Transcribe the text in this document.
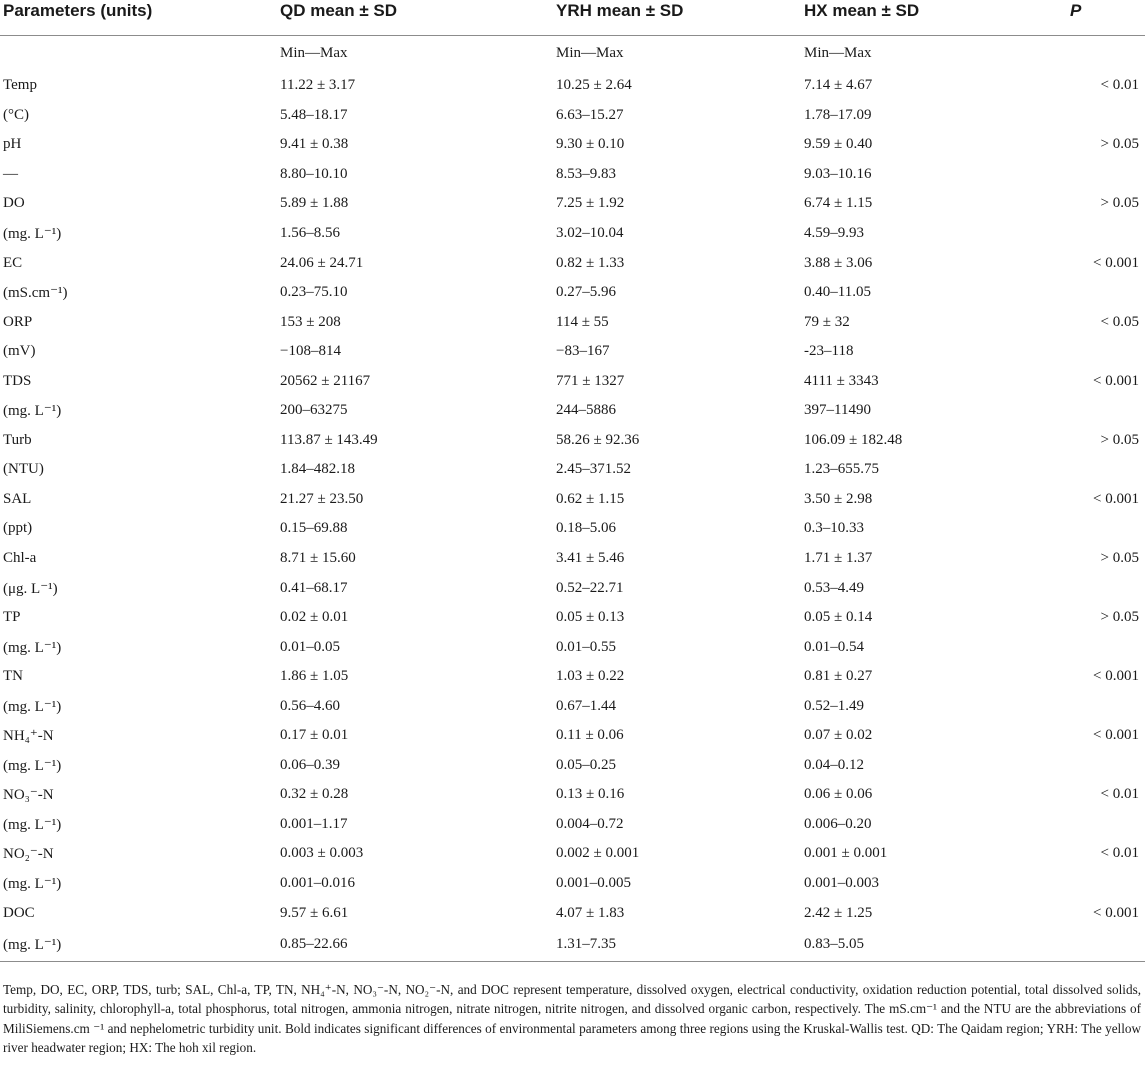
Parameters (units)	QD mean ± SD	YRH mean ± SD	HX mean ± SD	P
	Min—Max	Min—Max	Min—Max	
Temp	11.22 ± 3.17	10.25 ± 2.64	7.14 ± 4.67	< 0.01
(°C)	5.48–18.17	6.63–15.27	1.78–17.09	
pH	9.41 ± 0.38	9.30 ± 0.10	9.59 ± 0.40	> 0.05
—	8.80–10.10	8.53–9.83	9.03–10.16	
DO	5.89 ± 1.88	7.25 ± 1.92	6.74 ± 1.15	> 0.05
(mg. L⁻¹)	1.56–8.56	3.02–10.04	4.59–9.93	
EC	24.06 ± 24.71	0.82 ± 1.33	3.88 ± 3.06	< 0.001
(mS.cm⁻¹)	0.23–75.10	0.27–5.96	0.40–11.05	
ORP	153 ± 208	114 ± 55	79 ± 32	< 0.05
(mV)	−108–814	−83–167	-23–118	
TDS	20562 ± 21167	771 ± 1327	4111 ± 3343	< 0.001
(mg. L⁻¹)	200–63275	244–5886	397–11490	
Turb	113.87 ± 143.49	58.26 ± 92.36	106.09 ± 182.48	> 0.05
(NTU)	1.84–482.18	2.45–371.52	1.23–655.75	
SAL	21.27 ± 23.50	0.62 ± 1.15	3.50 ± 2.98	< 0.001
(ppt)	0.15–69.88	0.18–5.06	0.3–10.33	
Chl-a	8.71 ± 15.60	3.41 ± 5.46	1.71 ± 1.37	> 0.05
(μg. L⁻¹)	0.41–68.17	0.52–22.71	0.53–4.49	
TP	0.02 ± 0.01	0.05 ± 0.13	0.05 ± 0.14	> 0.05
(mg. L⁻¹)	0.01–0.05	0.01–0.55	0.01–0.54	
TN	1.86 ± 1.05	1.03 ± 0.22	0.81 ± 0.27	< 0.001
(mg. L⁻¹)	0.56–4.60	0.67–1.44	0.52–1.49	
NH₄⁺-N	0.17 ± 0.01	0.11 ± 0.06	0.07 ± 0.02	< 0.001
(mg. L⁻¹)	0.06–0.39	0.05–0.25	0.04–0.12	
NO₃⁻-N	0.32 ± 0.28	0.13 ± 0.16	0.06 ± 0.06	< 0.01
(mg. L⁻¹)	0.001–1.17	0.004–0.72	0.006–0.20	
NO₂⁻-N	0.003 ± 0.003	0.002 ± 0.001	0.001 ± 0.001	< 0.01
(mg. L⁻¹)	0.001–0.016	0.001–0.005	0.001–0.003	
DOC	9.57 ± 6.61	4.07 ± 1.83	2.42 ± 1.25	< 0.001
(mg. L⁻¹)	0.85–22.66	1.31–7.35	0.83–5.05	

Temp, DO, EC, ORP, TDS, turb; SAL, Chl-a, TP, TN, NH₄⁺-N, NO₃⁻-N, NO₂⁻-N, and DOC represent temperature, dissolved oxygen, electrical conductivity, oxidation reduction potential, total dissolved solids, turbidity, salinity, chlorophyll-a, total phosphorus, total nitrogen, ammonia nitrogen, nitrate nitrogen, nitrite nitrogen, and dissolved organic carbon, respectively. The mS.cm⁻¹ and the NTU are the abbreviations of MiliSiemens.cm ⁻¹ and nephelometric turbidity unit. Bold indicates significant differences of environmental parameters among three regions using the Kruskal-Wallis test. QD: The Qaidam region; YRH: The yellow river headwater region; HX: The hoh xil region.
